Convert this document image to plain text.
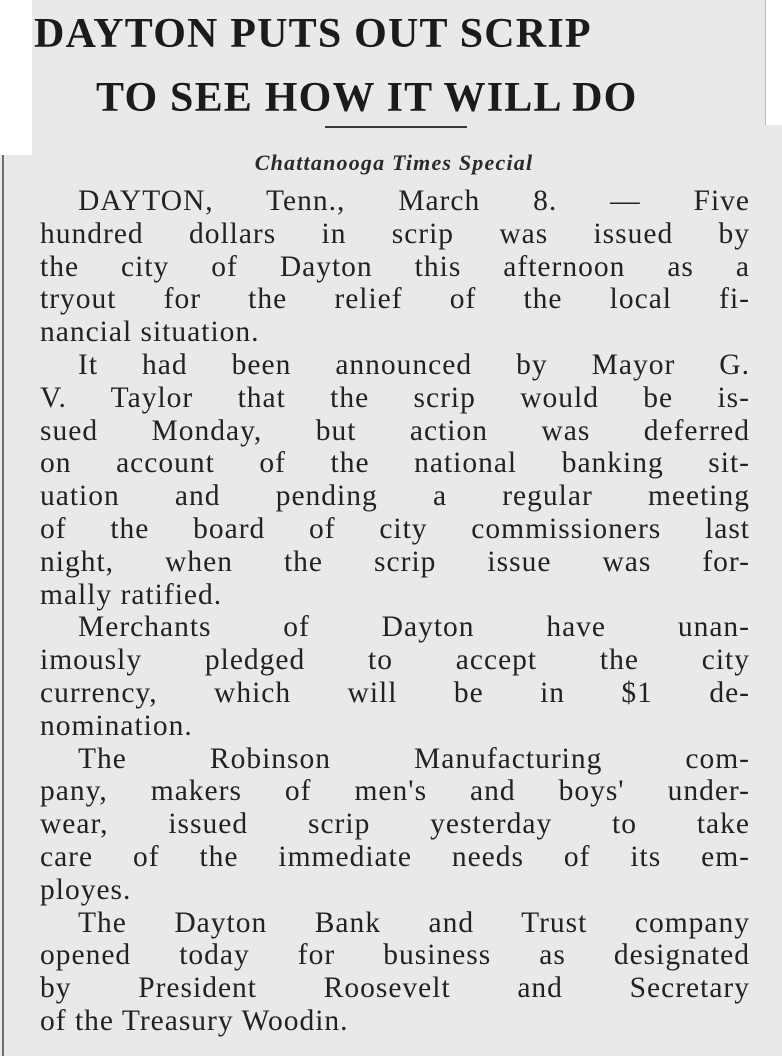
DAYTON PUTS OUT SCRIP
TO SEE HOW IT WILL DO
Chattanooga Times Special
DAYTON, Tenn., March 8. — Five
hundred dollars in scrip was issued by
the city of Dayton this afternoon as a
tryout for the relief of the local fi-
nancial situation.
It had been announced by Mayor G.
V. Taylor that the scrip would be is-
sued Monday, but action was deferred
on account of the national banking sit-
uation and pending a regular meeting
of the board of city commissioners last
night, when the scrip issue was for-
mally ratified.
Merchants of Dayton have unan-
imously pledged to accept the city
currency, which will be in $1 de-
nomination.
The Robinson Manufacturing com-
pany, makers of men's and boys' under-
wear, issued scrip yesterday to take
care of the immediate needs of its em-
ployes.
The Dayton Bank and Trust company
opened today for business as designated
by President Roosevelt and Secretary
of the Treasury Woodin.
